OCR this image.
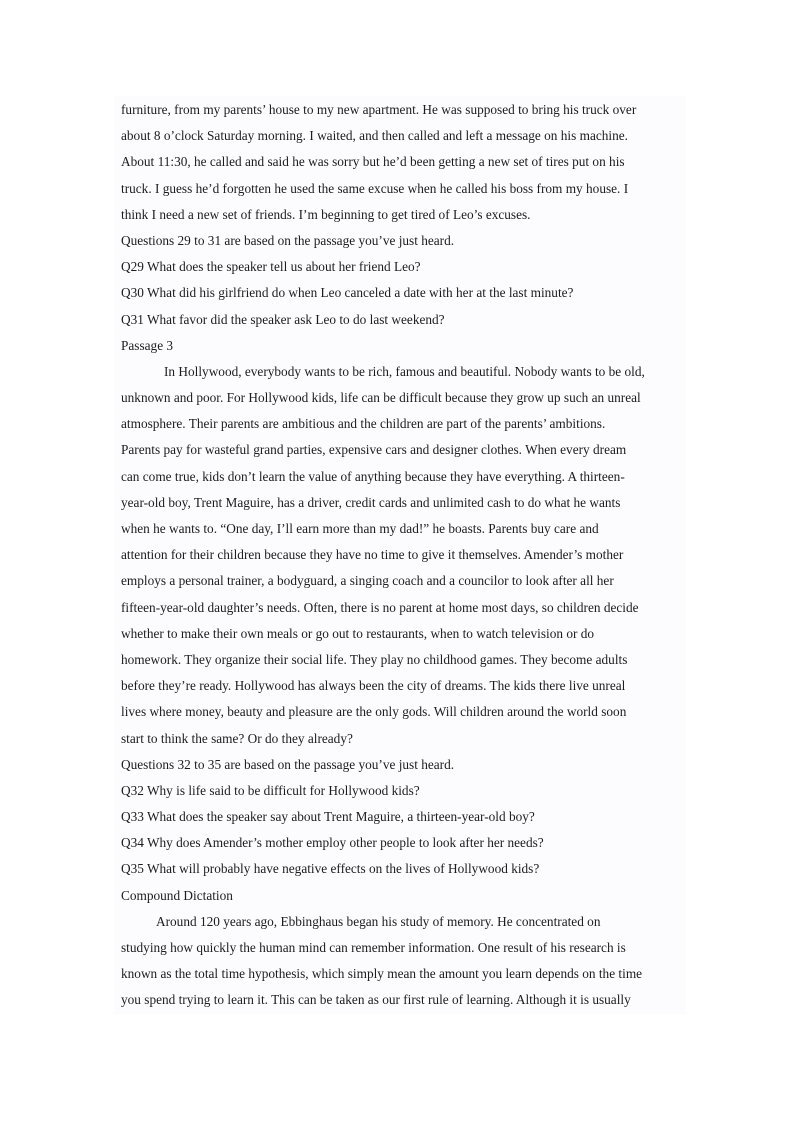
furniture, from my parents’ house to my new apartment. He was supposed to bring his truck over
about 8 o’clock Saturday morning. I waited, and then called and left a message on his machine.
About 11:30, he called and said he was sorry but he’d been getting a new set of tires put on his
truck. I guess he’d forgotten he used the same excuse when he called his boss from my house. I
think I need a new set of friends. I’m beginning to get tired of Leo’s excuses.
Questions 29 to 31 are based on the passage you’ve just heard.
Q29 What does the speaker tell us about her friend Leo?
Q30 What did his girlfriend do when Leo canceled a date with her at the last minute?
Q31 What favor did the speaker ask Leo to do last weekend?
Passage 3
In Hollywood, everybody wants to be rich, famous and beautiful. Nobody wants to be old,
unknown and poor. For Hollywood kids, life can be difficult because they grow up such an unreal
atmosphere. Their parents are ambitious and the children are part of the parents’ ambitions.
Parents pay for wasteful grand parties, expensive cars and designer clothes. When every dream
can come true, kids don’t learn the value of anything because they have everything. A thirteen-
year-old boy, Trent Maguire, has a driver, credit cards and unlimited cash to do what he wants
when he wants to. “One day, I’ll earn more than my dad!” he boasts. Parents buy care and
attention for their children because they have no time to give it themselves. Amender’s mother
employs a personal trainer, a bodyguard, a singing coach and a councilor to look after all her
fifteen-year-old daughter’s needs. Often, there is no parent at home most days, so children decide
whether to make their own meals or go out to restaurants, when to watch television or do
homework. They organize their social life. They play no childhood games. They become adults
before they’re ready. Hollywood has always been the city of dreams. The kids there live unreal
lives where money, beauty and pleasure are the only gods. Will children around the world soon
start to think the same? Or do they already?
Questions 32 to 35 are based on the passage you’ve just heard.
Q32 Why is life said to be difficult for Hollywood kids?
Q33 What does the speaker say about Trent Maguire, a thirteen-year-old boy?
Q34 Why does Amender’s mother employ other people to look after her needs?
Q35 What will probably have negative effects on the lives of Hollywood kids?
Compound Dictation
Around 120 years ago, Ebbinghaus began his study of memory. He concentrated on
studying how quickly the human mind can remember information. One result of his research is
known as the total time hypothesis, which simply mean the amount you learn depends on the time
you spend trying to learn it. This can be taken as our first rule of learning. Although it is usually
